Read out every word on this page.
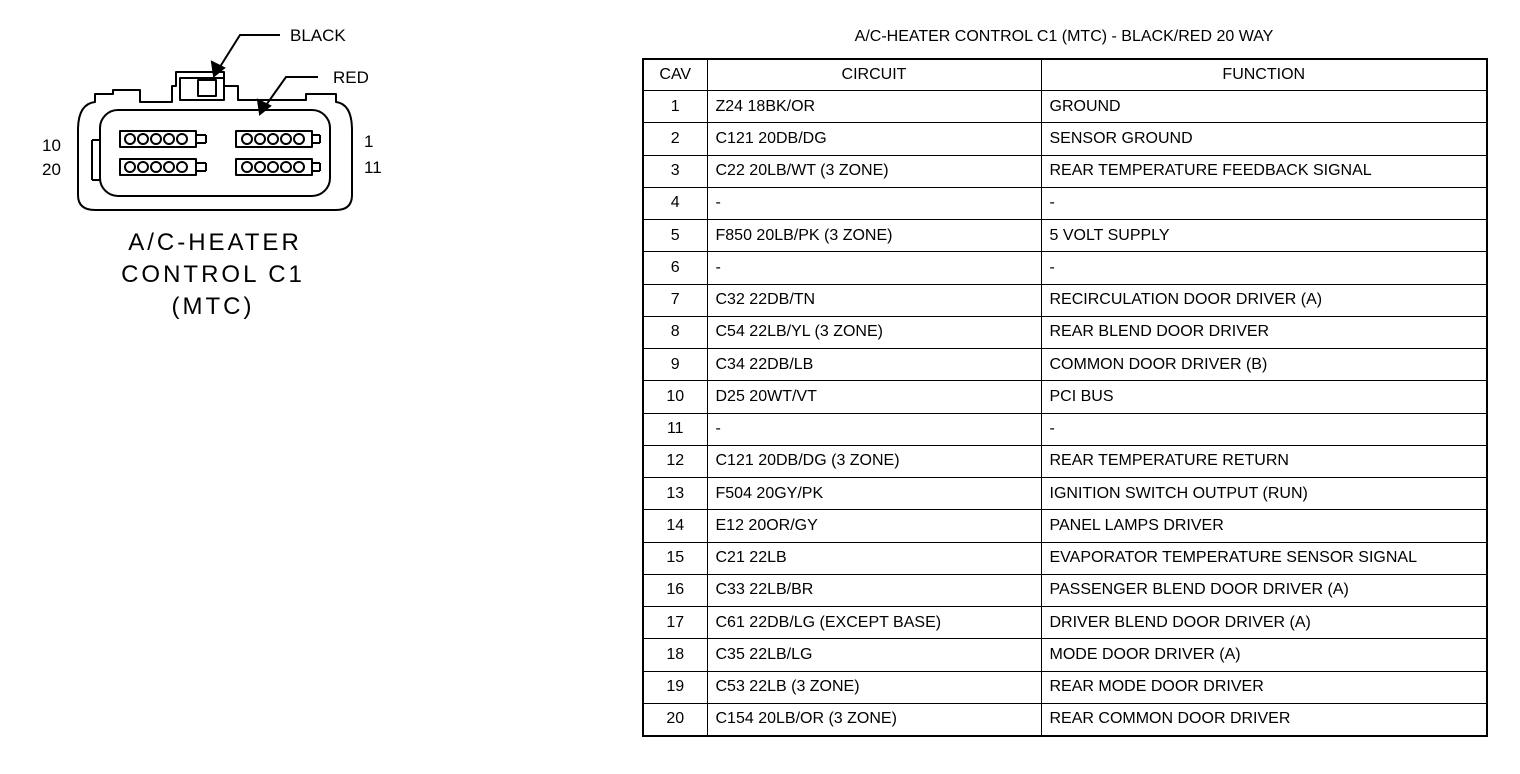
BLACK
RED
10
20
1
11
A/C-HEATER
CONTROL C1
(MTC)
A/C-HEATER CONTROL C1 (MTC) - BLACK/RED 20 WAY
CAV	CIRCUIT	FUNCTION
1	Z24 18BK/OR	GROUND
2	C121 20DB/DG	SENSOR GROUND
3	C22 20LB/WT (3 ZONE)	REAR TEMPERATURE FEEDBACK SIGNAL
4	-	-
5	F850 20LB/PK (3 ZONE)	5 VOLT SUPPLY
6	-	-
7	C32 22DB/TN	RECIRCULATION DOOR DRIVER (A)
8	C54 22LB/YL (3 ZONE)	REAR BLEND DOOR DRIVER
9	C34 22DB/LB	COMMON DOOR DRIVER (B)
10	D25 20WT/VT	PCI BUS
11	-	-
12	C121 20DB/DG (3 ZONE)	REAR TEMPERATURE RETURN
13	F504 20GY/PK	IGNITION SWITCH OUTPUT (RUN)
14	E12 20OR/GY	PANEL LAMPS DRIVER
15	C21 22LB	EVAPORATOR TEMPERATURE SENSOR SIGNAL
16	C33 22LB/BR	PASSENGER BLEND DOOR DRIVER (A)
17	C61 22DB/LG (EXCEPT BASE)	DRIVER BLEND DOOR DRIVER (A)
18	C35 22LB/LG	MODE DOOR DRIVER (A)
19	C53 22LB (3 ZONE)	REAR MODE DOOR DRIVER
20	C154 20LB/OR (3 ZONE)	REAR COMMON DOOR DRIVER
